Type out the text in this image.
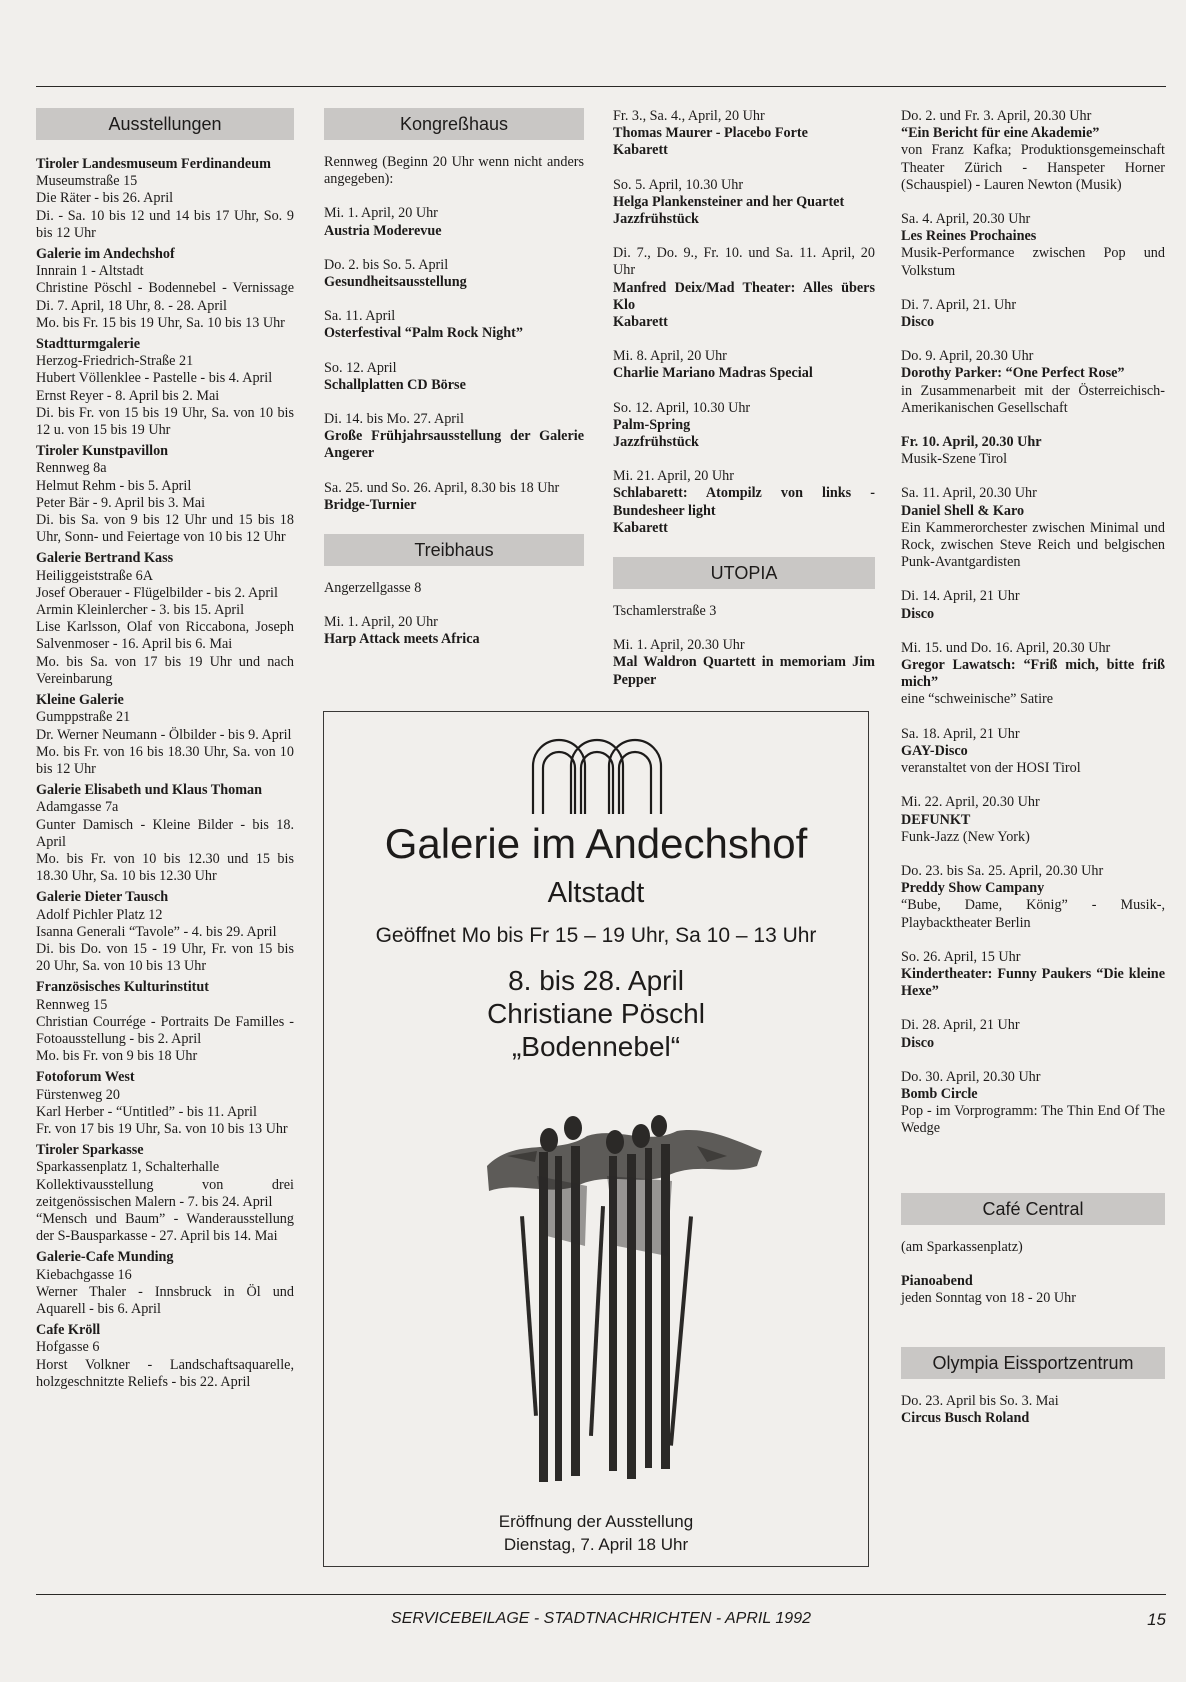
Ausstellungen
Tiroler Landesmuseum Ferdinandeum
Museumstraße 15
Die Räter - bis 26. April
Di. - Sa. 10 bis 12 und 14 bis 17 Uhr, So. 9 bis 12 Uhr
Galerie im Andechshof
Innrain 1 - Altstadt
Christine Pöschl - Bodennebel - Vernissage Di. 7. April, 18 Uhr, 8. - 28. April
Mo. bis Fr. 15 bis 19 Uhr, Sa. 10 bis 13 Uhr
Stadtturmgalerie
Herzog-Friedrich-Straße 21
Hubert Völlenklee - Pastelle - bis 4. April
Ernst Reyer - 8. April bis 2. Mai
Di. bis Fr. von 15 bis 19 Uhr, Sa. von 10 bis 12 u. von 15 bis 19 Uhr
Tiroler Kunstpavillon
Rennweg 8a
Helmut Rehm - bis 5. April
Peter Bär - 9. April bis 3. Mai
Di. bis Sa. von 9 bis 12 Uhr und 15 bis 18 Uhr, Sonn- und Feiertage von 10 bis 12 Uhr
Galerie Bertrand Kass
Heiliggeiststraße 6A
Josef Oberauer - Flügelbilder - bis 2. April
Armin Kleinlercher - 3. bis 15. April
Lise Karlsson, Olaf von Riccabona, Joseph Salvenmoser - 16. April bis 6. Mai
Mo. bis Sa. von 17 bis 19 Uhr und nach Vereinbarung
Kleine Galerie
Gumppstraße 21
Dr. Werner Neumann - Ölbilder - bis 9. April
Mo. bis Fr. von 16 bis 18.30 Uhr, Sa. von 10 bis 12 Uhr
Galerie Elisabeth und Klaus Thoman
Adamgasse 7a
Gunter Damisch - Kleine Bilder - bis 18. April
Mo. bis Fr. von 10 bis 12.30 und 15 bis 18.30 Uhr, Sa. 10 bis 12.30 Uhr
Galerie Dieter Tausch
Adolf Pichler Platz 12
Isanna Generali “Tavole” - 4. bis 29. April
Di. bis Do. von 15 - 19 Uhr, Fr. von 15 bis 20 Uhr, Sa. von 10 bis 13 Uhr
Französisches Kulturinstitut
Rennweg 15
Christian Courrége - Portraits De Familles - Fotoausstellung - bis 2. April
Mo. bis Fr. von 9 bis 18 Uhr
Fotoforum West
Fürstenweg 20
Karl Herber - “Untitled” - bis 11. April
Fr. von 17 bis 19 Uhr, Sa. von 10 bis 13 Uhr
Tiroler Sparkasse
Sparkassenplatz 1, Schalterhalle
Kollektivausstellung von drei zeitgenössischen Malern - 7. bis 24. April
“Mensch und Baum” - Wanderausstellung der S-Bausparkasse - 27. April bis 14. Mai
Galerie-Cafe Munding
Kiebachgasse 16
Werner Thaler - Innsbruck in Öl und Aquarell - bis 6. April
Cafe Kröll
Hofgasse 6
Horst Volkner - Landschaftsaquarelle, holzgeschnitzte Reliefs - bis 22. April
Kongreßhaus
Rennweg (Beginn 20 Uhr wenn nicht anders angegeben):
Mi. 1. April, 20 Uhr
Austria Moderevue
Do. 2. bis So. 5. April
Gesundheitsausstellung
Sa. 11. April
Osterfestival “Palm Rock Night”
So. 12. April
Schallplatten CD Börse
Di. 14. bis Mo. 27. April
Große Frühjahrsausstellung der Galerie Angerer
Sa. 25. und So. 26. April, 8.30 bis 18 Uhr
Bridge-Turnier
Treibhaus
Angerzellgasse 8
Mi. 1. April, 20 Uhr
Harp Attack meets Africa
Fr. 3., Sa. 4., April, 20 Uhr
Thomas Maurer - Placebo Forte
Kabarett
So. 5. April, 10.30 Uhr
Helga Plankensteiner and her Quartet
Jazzfrühstück
Di. 7., Do. 9., Fr. 10. und Sa. 11. April, 20 Uhr
Manfred Deix/Mad Theater: Alles übers Klo
Kabarett
Mi. 8. April, 20 Uhr
Charlie Mariano Madras Special
So. 12. April, 10.30 Uhr
Palm-Spring
Jazzfrühstück
Mi. 21. April, 20 Uhr
Schlabarett: Atompilz von links - Bundesheer light
Kabarett
UTOPIA
Tschamlerstraße 3
Mi. 1. April, 20.30 Uhr
Mal Waldron Quartett in memoriam Jim Pepper
Do. 2. und Fr. 3. April, 20.30 Uhr
“Ein Bericht für eine Akademie”
von Franz Kafka; Produktionsgemeinschaft Theater Zürich - Hanspeter Horner (Schauspiel) - Lauren Newton (Musik)
Sa. 4. April, 20.30 Uhr
Les Reines Prochaines
Musik-Performance zwischen Pop und Volkstum
Di. 7. April, 21. Uhr
Disco
Do. 9. April, 20.30 Uhr
Dorothy Parker: “One Perfect Rose”
in Zusammenarbeit mit der Österreichisch-Amerikanischen Gesellschaft
Fr. 10. April, 20.30 Uhr
Musik-Szene Tirol
Sa. 11. April, 20.30 Uhr
Daniel Shell & Karo
Ein Kammerorchester zwischen Minimal und Rock, zwischen Steve Reich und belgischen Punk-Avantgardisten
Di. 14. April, 21 Uhr
Disco
Mi. 15. und Do. 16. April, 20.30 Uhr
Gregor Lawatsch: “Friß mich, bitte friß mich”
eine “schweinische” Satire
Sa. 18. April, 21 Uhr
GAY-Disco
veranstaltet von der HOSI Tirol
Mi. 22. April, 20.30 Uhr
DEFUNKT
Funk-Jazz (New York)
Do. 23. bis Sa. 25. April, 20.30 Uhr
Preddy Show Campany
“Bube, Dame, König” - Musik-, Playbacktheater Berlin
So. 26. April, 15 Uhr
Kindertheater: Funny Paukers “Die kleine Hexe”
Di. 28. April, 21 Uhr
Disco
Do. 30. April, 20.30 Uhr
Bomb Circle
Pop - im Vorprogramm: The Thin End Of The Wedge
Café Central
(am Sparkassenplatz)
Pianoabend
jeden Sonntag von 18 - 20 Uhr
Olympia Eissportzentrum
Do. 23. April bis So. 3. Mai
Circus Busch Roland
Galerie im Andechshof
Altstadt
Geöffnet Mo bis Fr 15 – 19 Uhr, Sa 10 – 13 Uhr
8. bis 28. April
Christiane Pöschl
„Bodennebel“
Eröffnung der Ausstellung
Dienstag, 7. April 18 Uhr
SERVICEBEILAGE - STADTNACHRICHTEN - APRIL 1992	15
